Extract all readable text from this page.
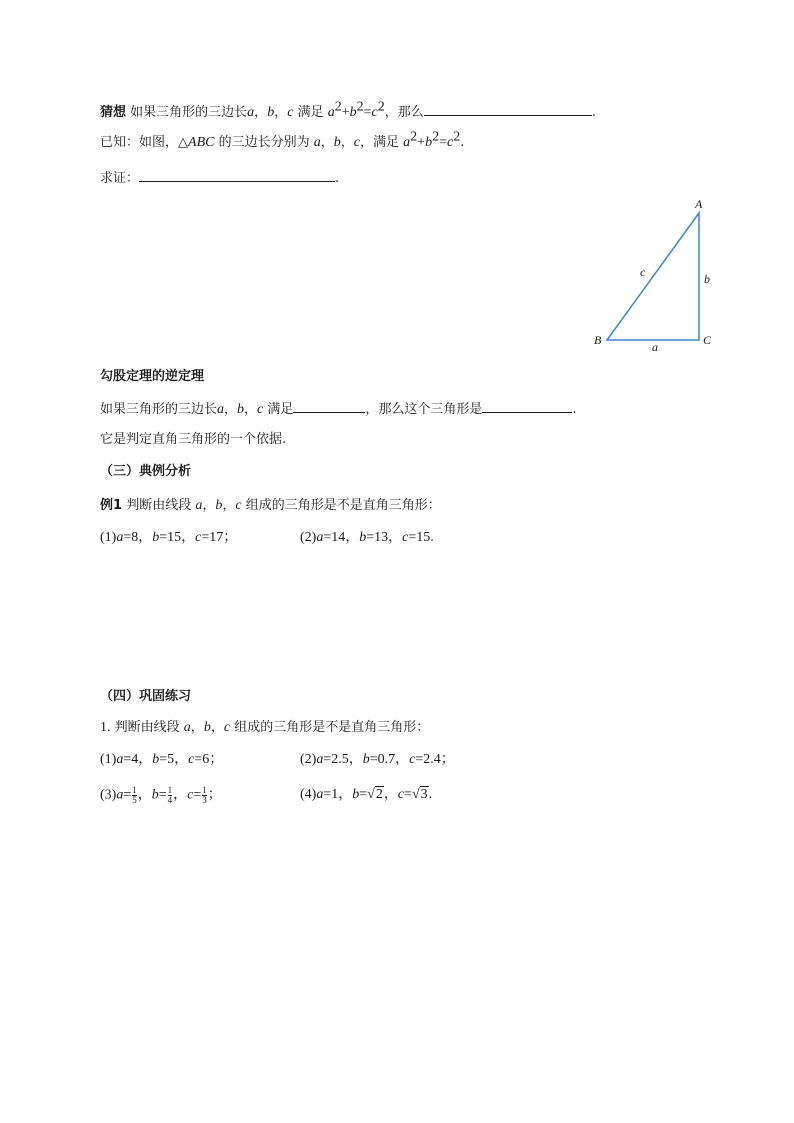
猜想 如果三角形的三边长a，b，c 满足 $a^2+b^2=c^2$，那么	.
已知：如图，△ABC 的三边长分别为 a，b，c，满足 $a^2+b^2=c^2$.
求证：	.
A
B	C
a
b
c
勾股定理的逆定理
如果三角形的三边长a，b，c 满足	，那么这个三角形是	.
它是判定直角三角形的一个依据.
（三）典例分析
例1 判断由线段 a，b，c 组成的三角形是不是直角三角形：
(1)a=8，b=15，c=17；	(2)a=14，b=13，c=15.
（四）巩固练习
1. 判断由线段 a，b，c 组成的三角形是不是直角三角形：
(1)a=4，b=5，c=6；	(2)a=2.5，b=0.7，c=2.4；
$(3)a= \frac{1}{5}$ ，$b= \frac{1}{4}$ ，$c= \frac{1}{3}$ ；	(4)a=1，b=√2，c=√3.
